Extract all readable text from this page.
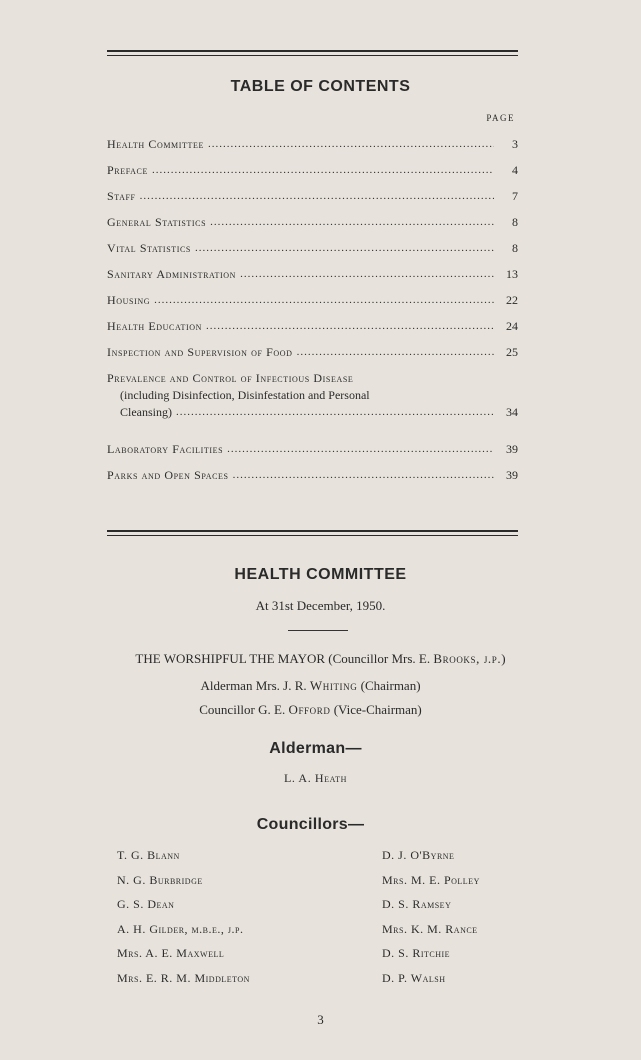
TABLE OF CONTENTS
PAGE
Health Committee .....	3
Preface .....	4
Staff .....	7
General Statistics .....	8
Vital Statistics .....	8
Sanitary Administration .....	13
Housing .....	22
Health Education .....	24
Inspection and Supervision of Food .....	25
Prevalence and Control of Infectious Disease
(including Disinfection, Disinfestation and Personal
Cleansing) .....	34
Laboratory Facilities .....	39
Parks and Open Spaces .....	39
HEALTH COMMITTEE
At 31st December, 1950.
THE WORSHIPFUL THE MAYOR (Councillor Mrs. E. Brooks, j.p.)
Alderman Mrs. J. R. Whiting (Chairman)
Councillor G. E. Offord (Vice-Chairman)
Alderman—
L. A. Heath
Councillors—
T. G. Blann
N. G. Burbridge
G. S. Dean
A. H. Gilder, m.b.e., j.p.
Mrs. A. E. Maxwell
Mrs. E. R. M. Middleton
D. J. O'Byrne
Mrs. M. E. Polley
D. S. Ramsey
Mrs. K. M. Rance
D. S. Ritchie
D. P. Walsh
3
